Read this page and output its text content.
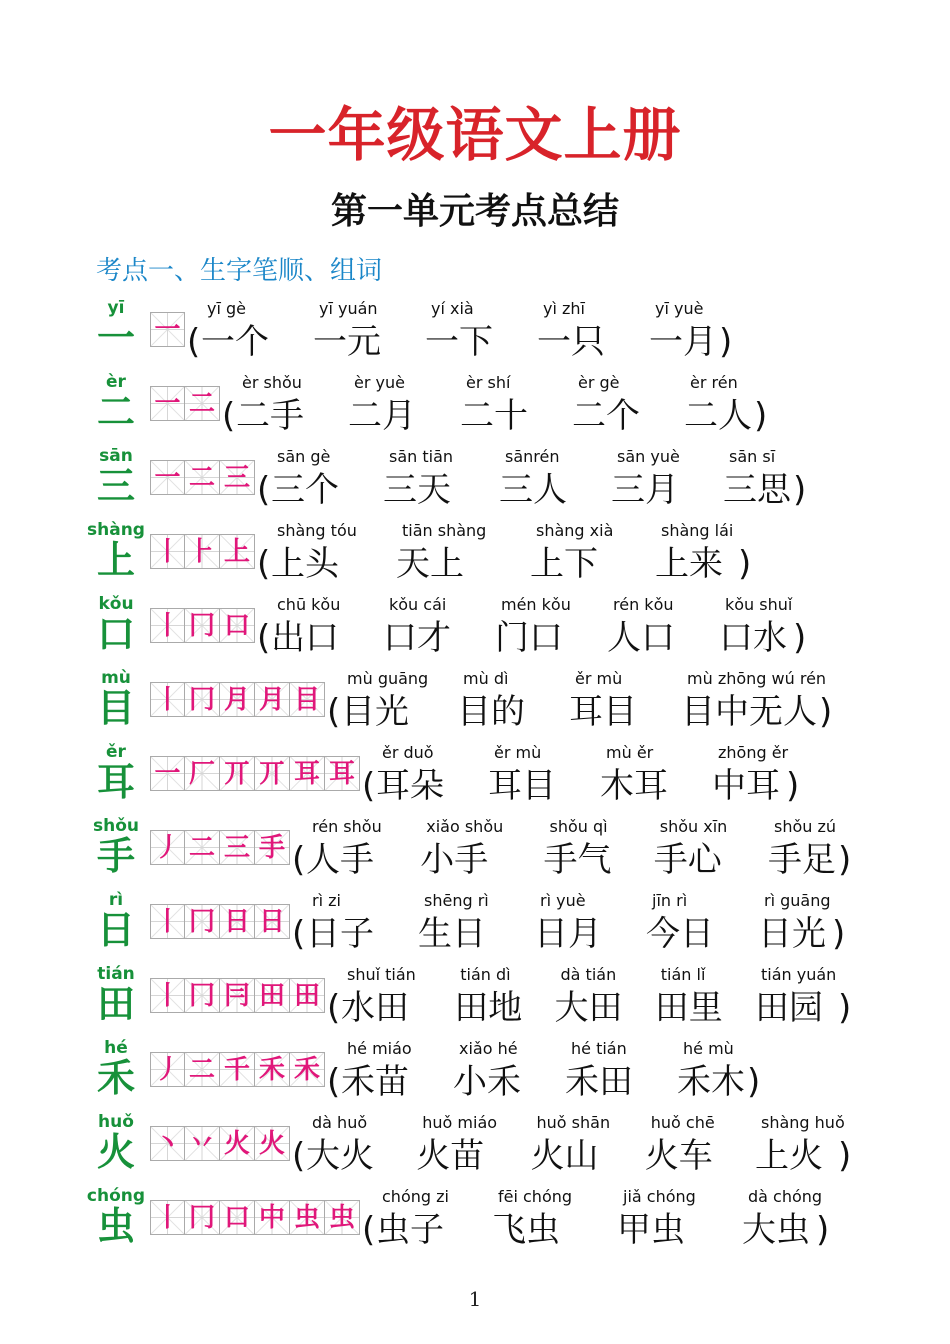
一年级语文上册
第一单元考点总结
考点一、生字笔顺、组词
yī
一 一 (
yī gè
一个
yī yuán
一元
yí xià
一下
yì zhī
一只
yī yuè
一月 )
èr
二 一 二 (
èr shǒu
二手
èr yuè
二月
èr shí
二十
èr gè
二个
èr rén
二人 )
sān
三 一 二 三 (
sān gè
三个
sān tiān
三天
sānrén
三人
sān yuè
三月
sān sī
三思 )
shàng
上 丨 ⺊ 上 (
shàng tóu
上头
tiān shàng
天上
shàng xià
上下
shàng lái
上来 )
kǒu
口 丨 冂 口 (
chū kǒu
出口
kǒu cái
口才
mén kǒu
门口
rén kǒu
人口
kǒu shuǐ
口水 )
mù
目 丨 冂 月 月 目 (
mù guāng
目光
mù dì
目的
ěr mù
耳目
mù zhōng wú rén
目中无人 )
ěr
耳 一 厂 丌 丌 耳 耳 (
ěr duǒ
耳朵
ěr mù
耳目
mù ěr
木耳
zhōng ěr
中耳 )
shǒu
手 丿 二 三 手 (
rén shǒu
人手
xiǎo shǒu
小手
shǒu qì
手气
shǒu xīn
手心
shǒu zú
手足 )
rì
日 丨 冂 日 日 (
rì zi
日子
shēng rì
生日
rì yuè
日月
jīn rì
今日
rì guāng
日光 )
tián
田 丨 冂 冃 田 田 (
shuǐ tián
水田
tián dì
田地
dà tián
大田
tián lǐ
田里
tián yuán
田园 )
hé
禾 丿 二 千 禾 禾 (
hé miáo
禾苗
xiǎo hé
小禾
hé tián
禾田
hé mù
禾木 )
huǒ
火 丶 丷 火 火 (
dà huǒ
大火
huǒ miáo
火苗
huǒ shān
火山
huǒ chē
火车
shàng huǒ
上火 )
chóng
虫 丨 冂 口 中 虫 虫 (
chóng zi
虫子
fēi chóng
飞虫
jiǎ chóng
甲虫
dà chóng
大虫 )
1
